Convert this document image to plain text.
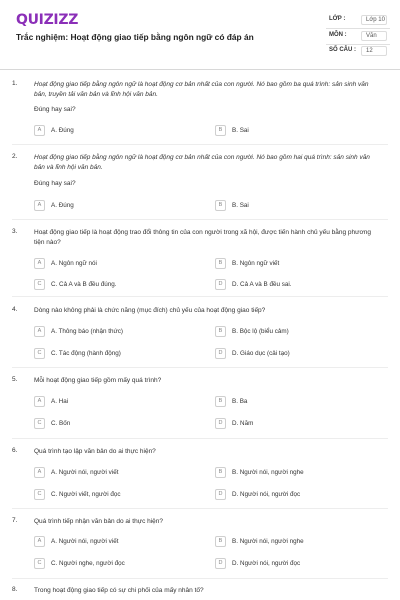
QUIZIZZ
Trắc nghiệm: Hoạt động giao tiếp bằng ngôn ngữ có đáp án
LỚP :	Lớp 10
MÔN :	Văn
SỐ CÂU :	12
1.	Hoạt động giao tiếp bằng ngôn ngữ là hoạt động cơ bản nhất của con người. Nó bao gồm ba quá trình: sản sinh văn bản, truyền tải văn bản và lĩnh hội văn bản.
Đúng hay sai?
A	A. Đúng	B	B. Sai
2.	Hoạt động giao tiếp bằng ngôn ngữ là hoạt động cơ bản nhất của con người. Nó bao gồm hai quá trình: sản sinh văn bản và lĩnh hội văn bản.
Đúng hay sai?
A	A. Đúng	B	B. Sai
3.	Hoạt động giao tiếp là hoạt động trao đổi thông tin của con người trong xã hội, được tiến hành chủ yếu bằng phương tiện nào?
A	A. Ngôn ngữ nói	B	B. Ngôn ngữ viết
C	C. Cả A và B đều đúng.	D	D. Cả A và B đều sai.
4.	Dòng nào không phải là chức năng (mục đích) chủ yếu của hoạt động giao tiếp?
A	A. Thông báo (nhận thức)	B	B. Bộc lộ (biểu cảm)
C	C. Tác động (hành động)	D	D. Giáo dục (cải tạo)
5.	Mỗi hoạt động giao tiếp gồm mấy quá trình?
A	A. Hai	B	B. Ba
C	C. Bốn	D	D. Năm
6.	Quá trình tạo lập văn bản do ai thực hiện?
A	A. Người nói, người viết	B	B. Người nói, người nghe
C	C. Người viết, người đọc	D	D. Người nói, người đọc
7.	Quá trình tiếp nhận văn bản do ai thực hiện?
A	A. Người nói, người viết	B	B. Người nói, người nghe
C	C. Người nghe, người đọc	D	D. Người nói, người đọc
8.	Trong hoạt động giao tiếp có sự chi phối của mấy nhân tố?
